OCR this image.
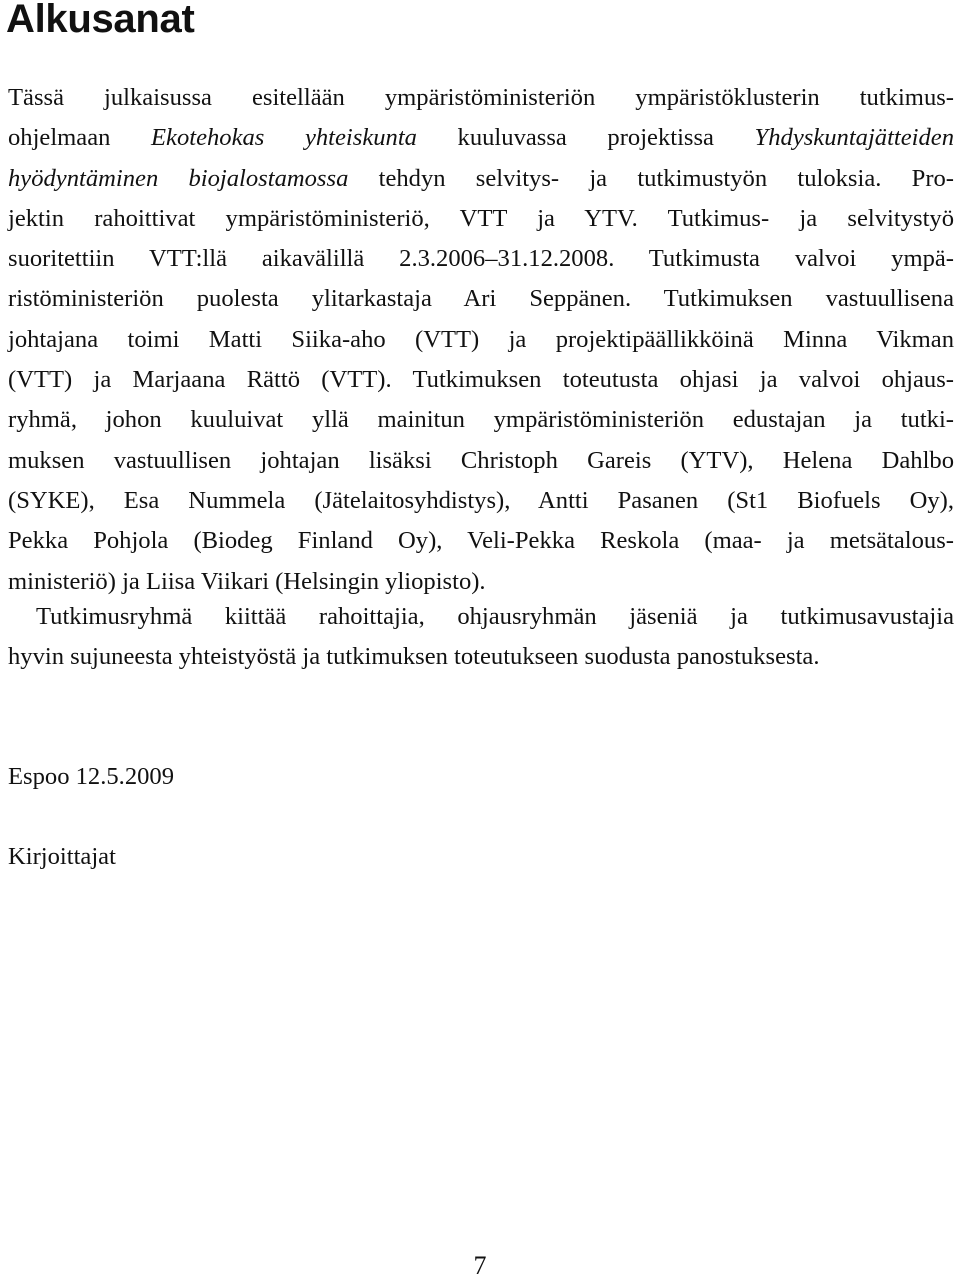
Alkusanat
Tässä julkaisussa esitellään ympäristöministeriön ympäristöklusterin tutkimus-
ohjelmaan Ekotehokas yhteiskunta kuuluvassa projektissa Yhdyskuntajätteiden
hyödyntäminen biojalostamossa tehdyn selvitys- ja tutkimustyön tuloksia. Pro-
jektin rahoittivat ympäristöministeriö, VTT ja YTV. Tutkimus- ja selvitystyö
suoritettiin VTT:llä aikavälillä 2.3.2006–31.12.2008. Tutkimusta valvoi ympä-
ristöministeriön puolesta ylitarkastaja Ari Seppänen. Tutkimuksen vastuullisena
johtajana toimi Matti Siika-aho (VTT) ja projektipäällikköinä Minna Vikman
(VTT) ja Marjaana Rättö (VTT). Tutkimuksen toteutusta ohjasi ja valvoi ohjaus-
ryhmä, johon kuuluivat yllä mainitun ympäristöministeriön edustajan ja tutki-
muksen vastuullisen johtajan lisäksi Christoph Gareis (YTV), Helena Dahlbo
(SYKE), Esa Nummela (Jätelaitosyhdistys), Antti Pasanen (St1 Biofuels Oy),
Pekka Pohjola (Biodeg Finland Oy), Veli-Pekka Reskola (maa- ja metsätalous-
ministeriö) ja Liisa Viikari (Helsingin yliopisto).
Tutkimusryhmä kiittää rahoittajia, ohjausryhmän jäseniä ja tutkimusavustajia
hyvin sujuneesta yhteistyöstä ja tutkimuksen toteutukseen suodusta panostuksesta.

Espoo 12.5.2009

Kirjoittajat

7
